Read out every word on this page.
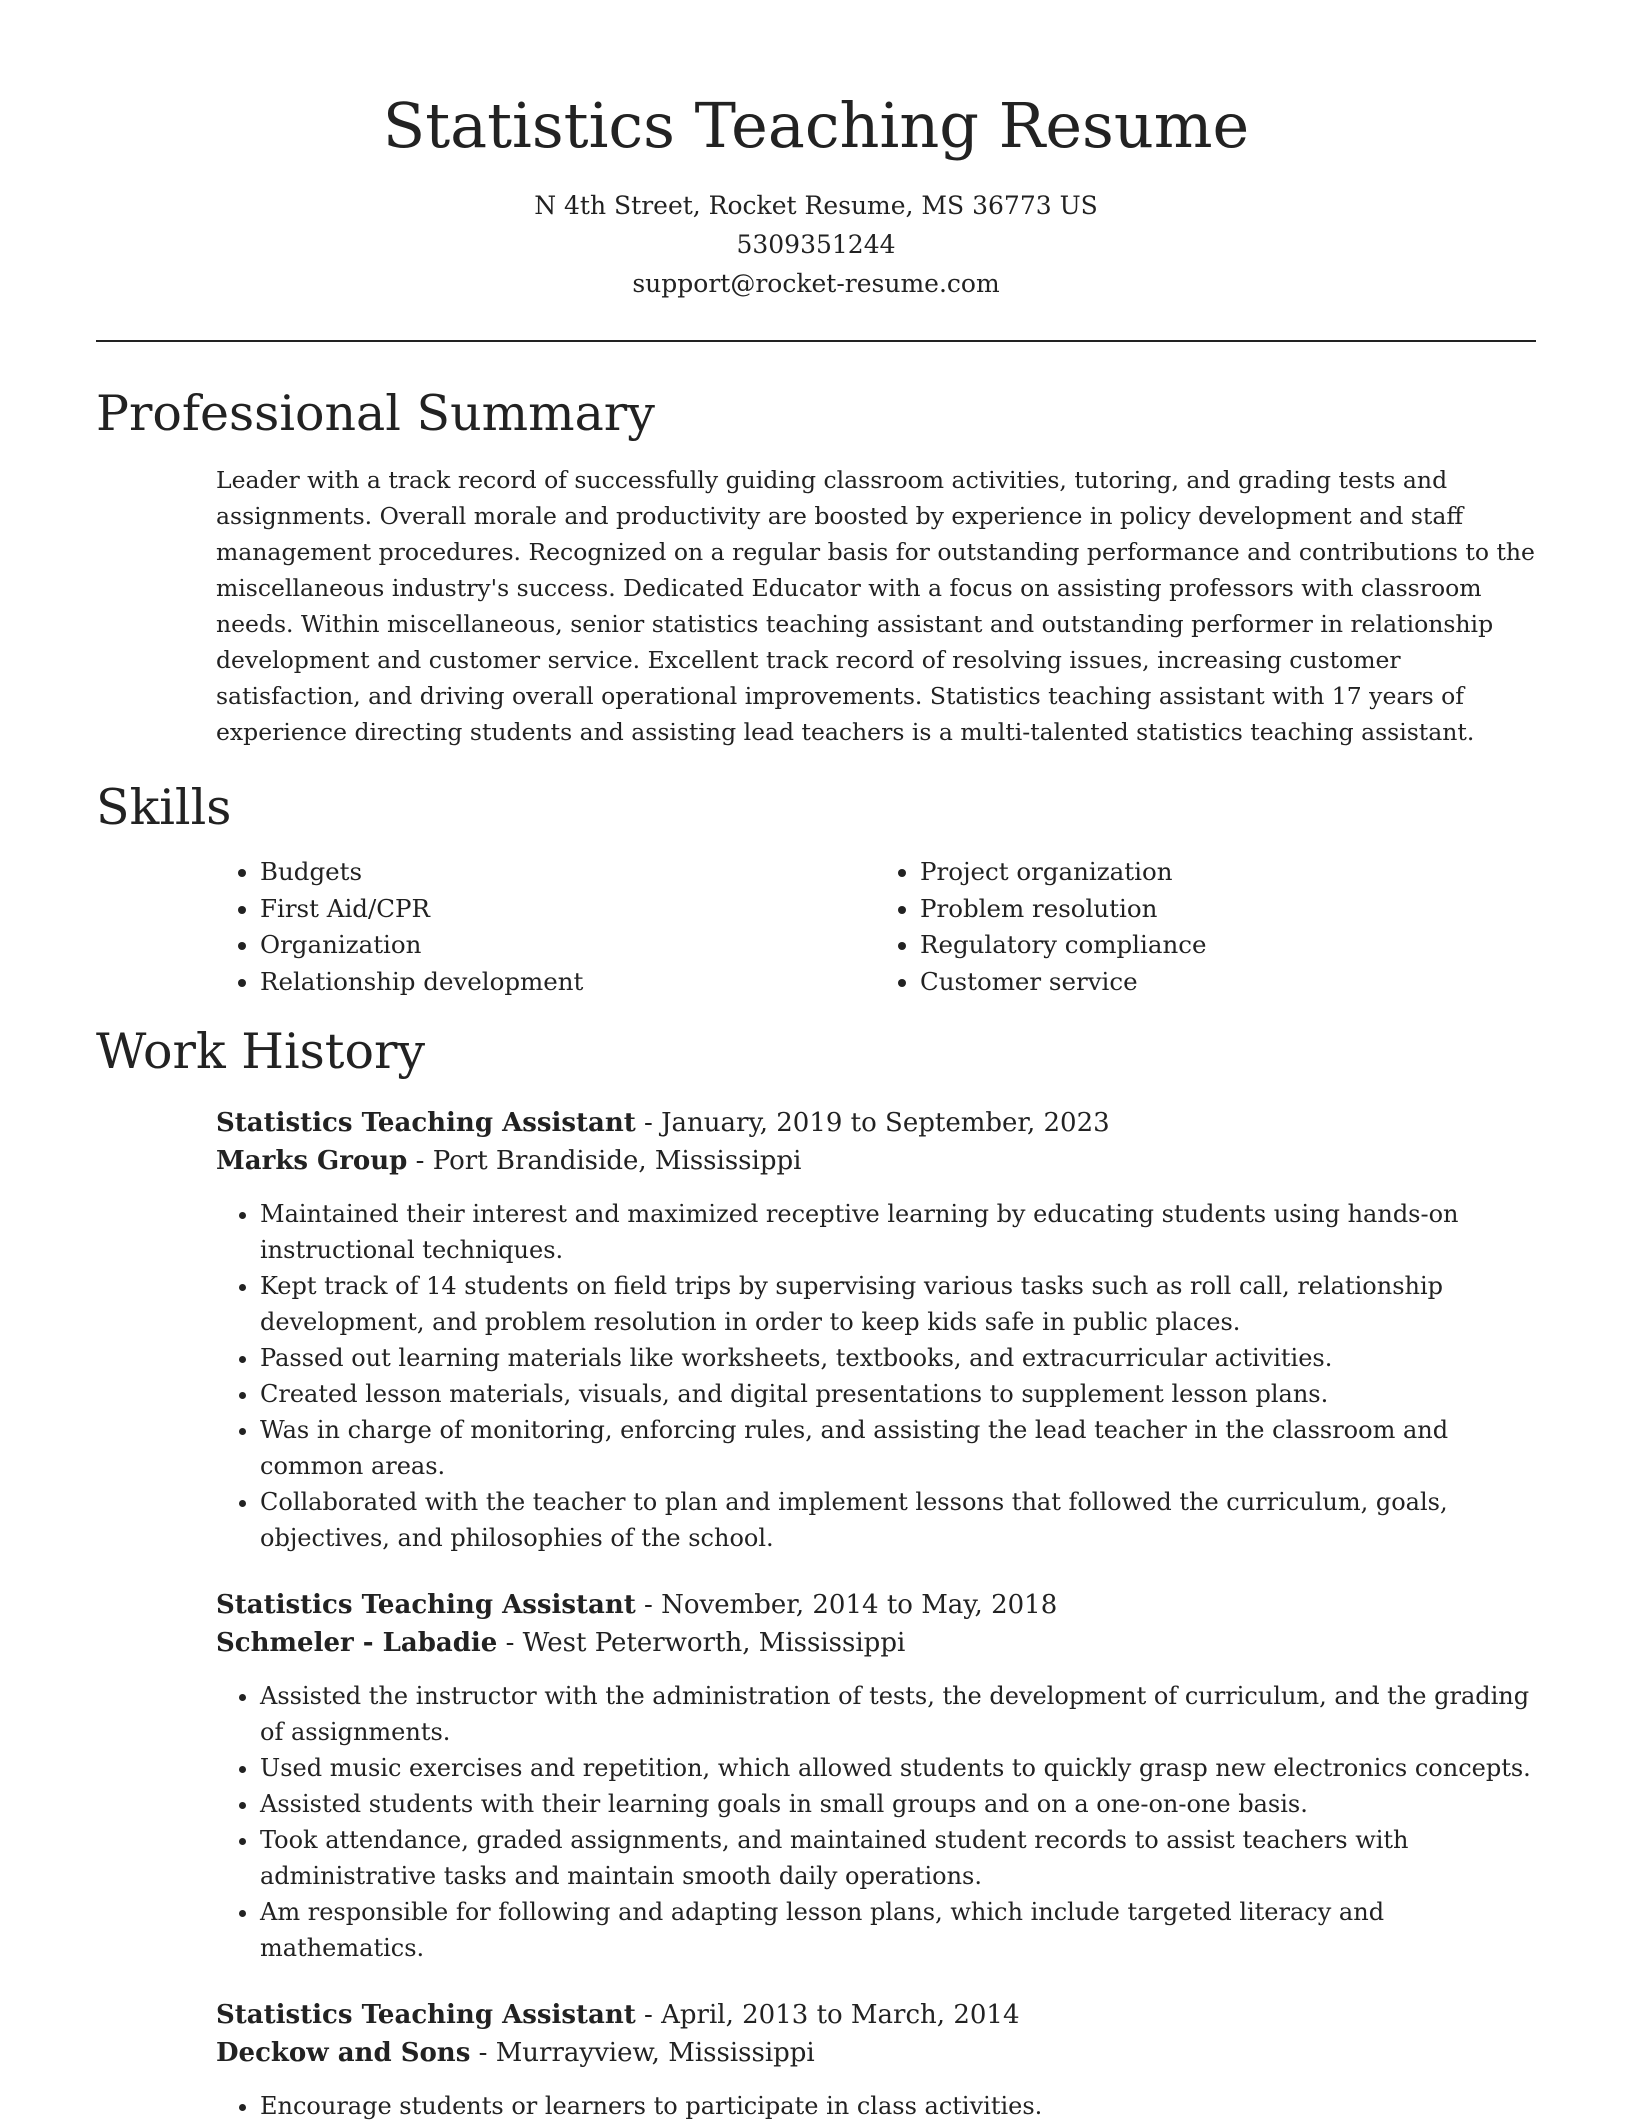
Statistics Teaching Resume
N 4th Street, Rocket Resume, MS 36773 US
5309351244
support@rocket-resume.com
Professional Summary
Leader with a track record of successfully guiding classroom activities, tutoring, and grading tests and assignments. Overall morale and productivity are boosted by experience in policy development and staff management procedures. Recognized on a regular basis for outstanding performance and contributions to the miscellaneous industry's success. Dedicated Educator with a focus on assisting professors with classroom needs. Within miscellaneous, senior statistics teaching assistant and outstanding performer in relationship development and customer service. Excellent track record of resolving issues, increasing customer satisfaction, and driving overall operational improvements. Statistics teaching assistant with 17 years of experience directing students and assisting lead teachers is a multi-talented statistics teaching assistant.
Skills
• Budgets
• First Aid/CPR
• Organization
• Relationship development
• Project organization
• Problem resolution
• Regulatory compliance
• Customer service
Work History
Statistics Teaching Assistant - January, 2019 to September, 2023
Marks Group - Port Brandiside, Mississippi
• Maintained their interest and maximized receptive learning by educating students using hands-on instructional techniques.
• Kept track of 14 students on field trips by supervising various tasks such as roll call, relationship development, and problem resolution in order to keep kids safe in public places.
• Passed out learning materials like worksheets, textbooks, and extracurricular activities.
• Created lesson materials, visuals, and digital presentations to supplement lesson plans.
• Was in charge of monitoring, enforcing rules, and assisting the lead teacher in the classroom and common areas.
• Collaborated with the teacher to plan and implement lessons that followed the curriculum, goals, objectives, and philosophies of the school.
Statistics Teaching Assistant - November, 2014 to May, 2018
Schmeler - Labadie - West Peterworth, Mississippi
• Assisted the instructor with the administration of tests, the development of curriculum, and the grading of assignments.
• Used music exercises and repetition, which allowed students to quickly grasp new electronics concepts.
• Assisted students with their learning goals in small groups and on a one-on-one basis.
• Took attendance, graded assignments, and maintained student records to assist teachers with administrative tasks and maintain smooth daily operations.
• Am responsible for following and adapting lesson plans, which include targeted literacy and mathematics.
Statistics Teaching Assistant - April, 2013 to March, 2014
Deckow and Sons - Murrayview, Mississippi
• Encourage students or learners to participate in class activities.
